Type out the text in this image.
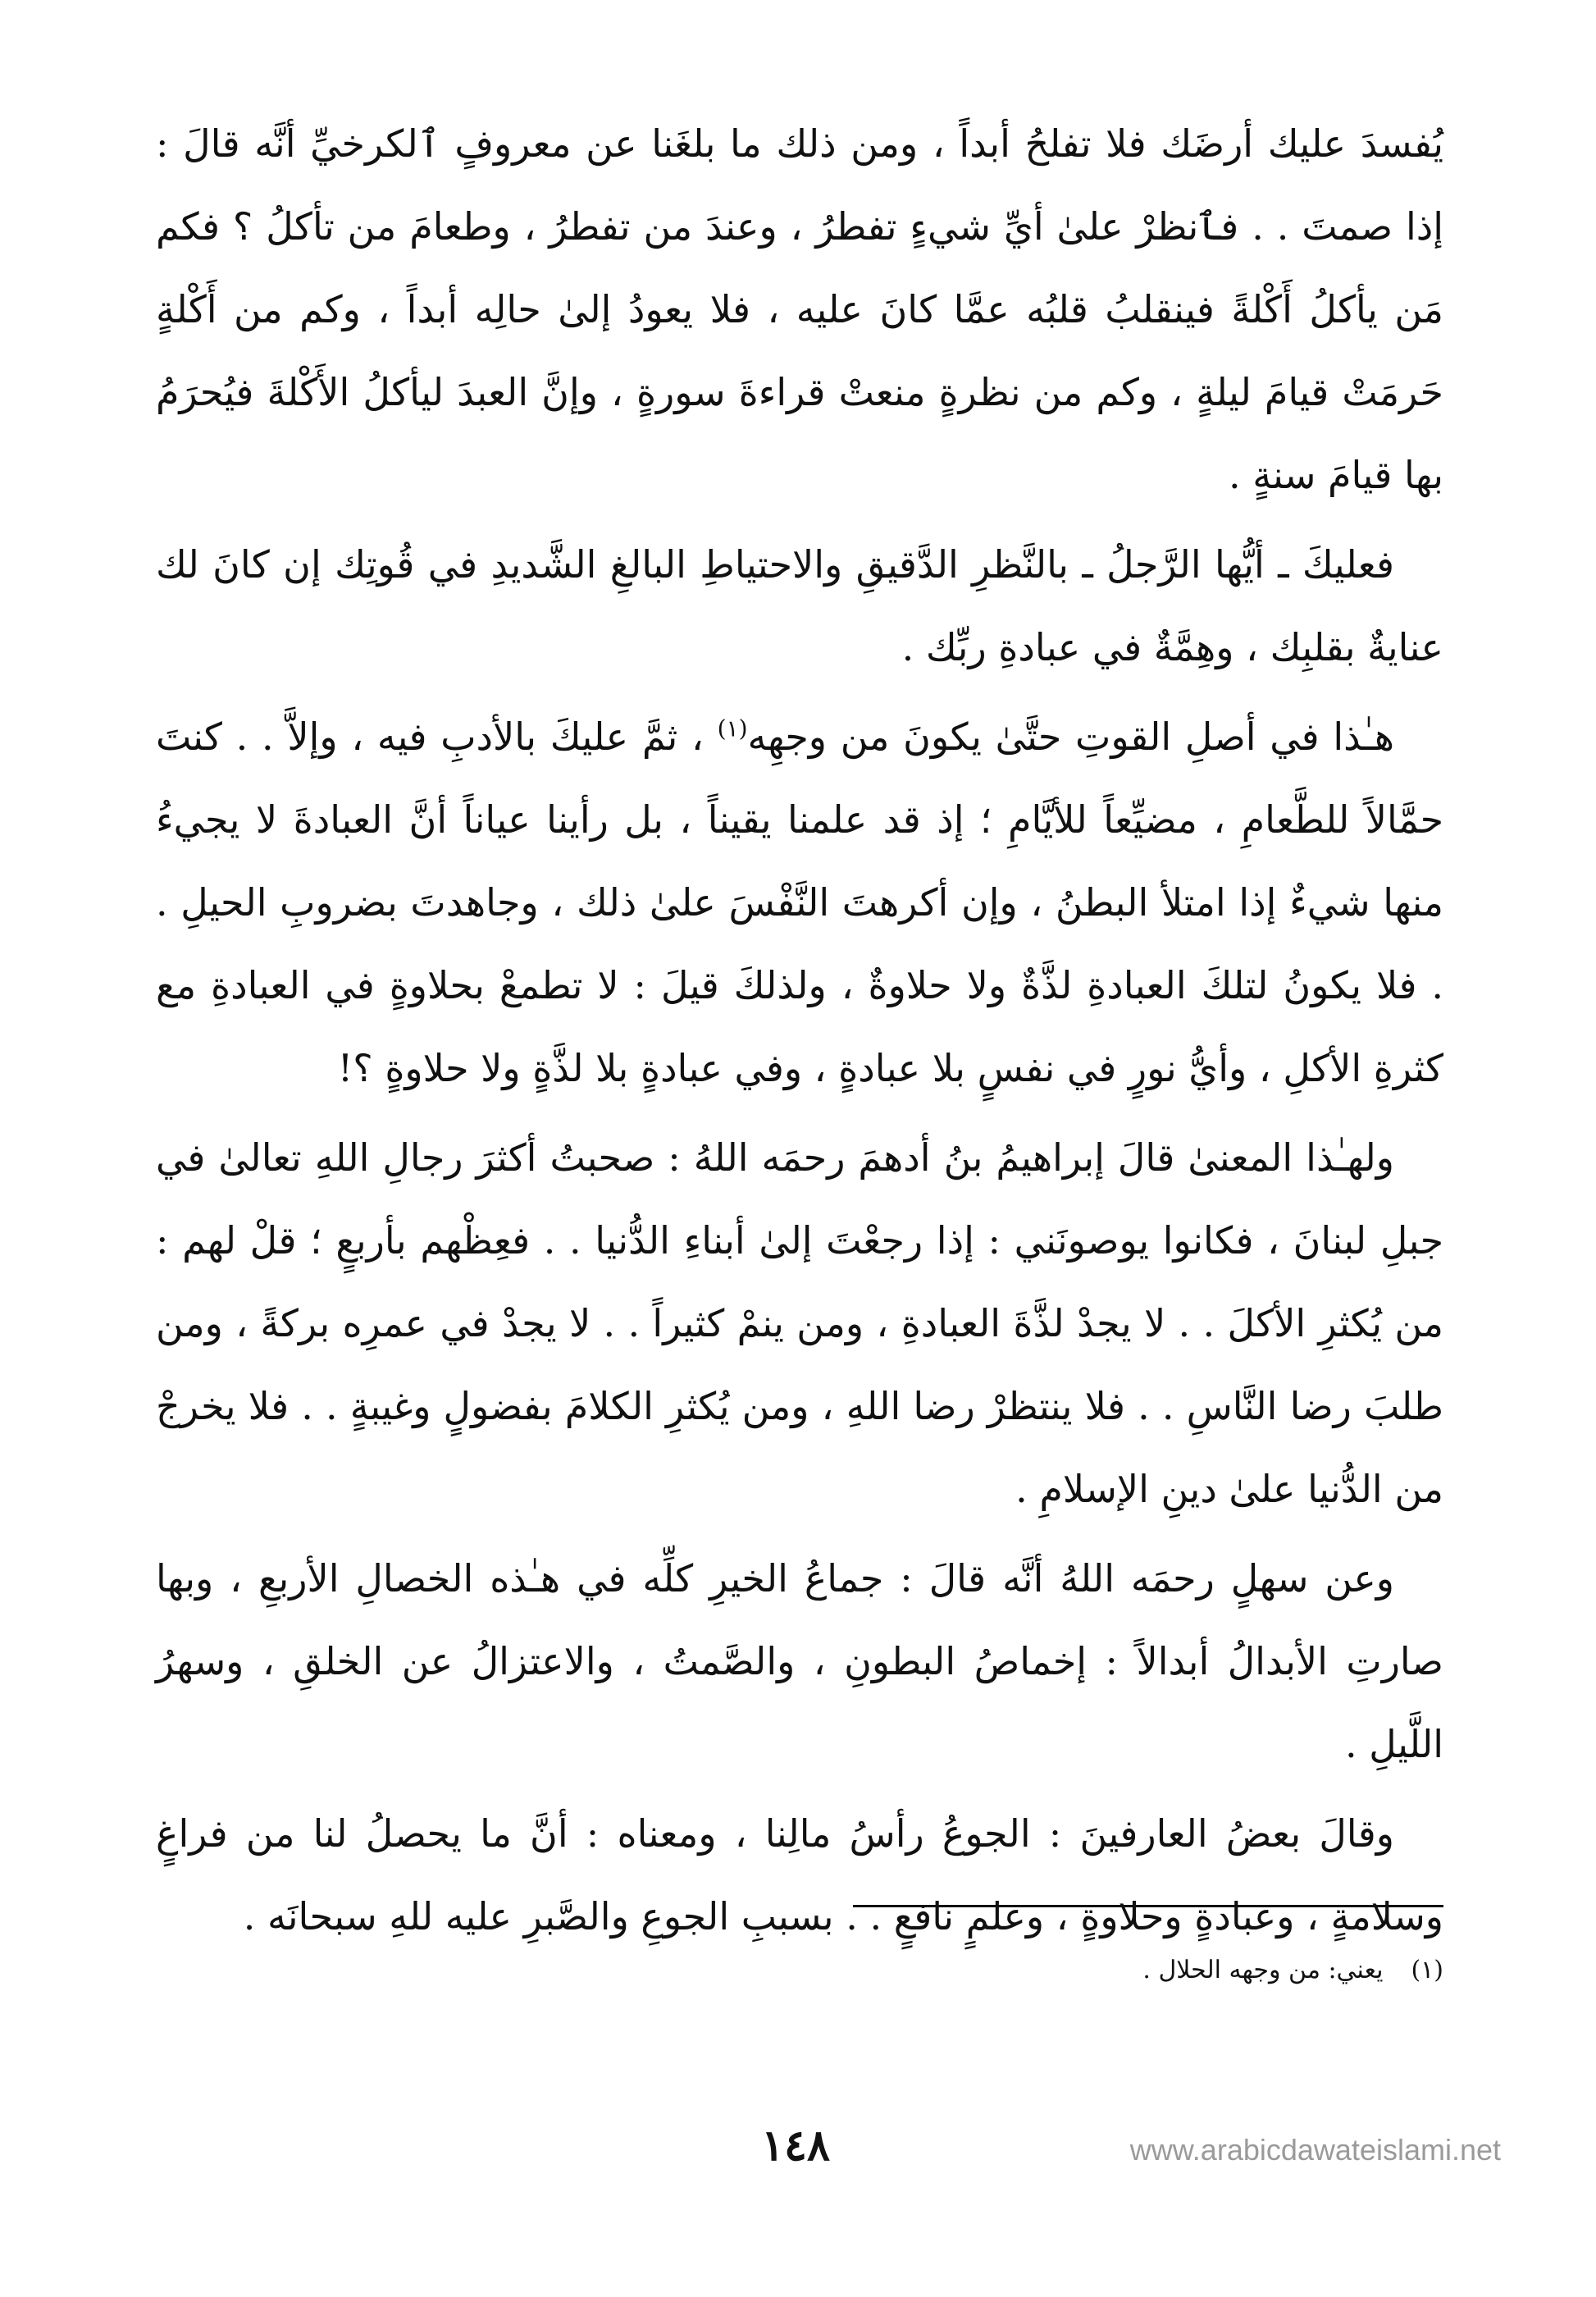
يُفسدَ عليك أرضَك فلا تفلحُ أبداً ، ومن ذلك ما بلغَنا عن معروفٍ ٱلكرخيِّ أنَّه قالَ : إذا صمتَ . . فٱنظرْ علىٰ أيِّ شيءٍ تفطرُ ، وعندَ من تفطرُ ، وطعامَ من تأكلُ ؟ فكم مَن يأكلُ أَكْلةً فينقلبُ قلبُه عمَّا كانَ عليه ، فلا يعودُ إلىٰ حالِه أبداً ، وكم من أَكْلةٍ حَرمَتْ قيامَ ليلةٍ ، وكم من نظرةٍ منعتْ قراءةَ سورةٍ ، وإنَّ العبدَ ليأكلُ الأَكْلةَ فيُحرَمُ بها قيامَ سنةٍ .

فعليكَ ـ أيُّها الرَّجلُ ـ بالنَّظرِ الدَّقيقِ والاحتياطِ البالغِ الشَّديدِ في قُوتِك إن كانَ لك عنايةٌ بقلبِك ، وهِمَّةٌ في عبادةِ ربِّك .

هـٰذا في أصلِ القوتِ حتَّىٰ يكونَ من وجهِه$^{(١)}$ ، ثمَّ عليكَ بالأدبِ فيه ، وإلاَّ . . كنتَ حمَّالاً للطَّعامِ ، مضيِّعاً للأيَّامِ ؛ إذ قد علمنا يقيناً ، بل رأينا عياناً أنَّ العبادةَ لا يجيءُ منها شيءٌ إذا امتلأ البطنُ ، وإن أكرهتَ النَّفْسَ علىٰ ذلك ، وجاهدتَ بضروبِ الحيلِ . . فلا يكونُ لتلكَ العبادةِ لذَّةٌ ولا حلاوةٌ ، ولذلكَ قيلَ : لا تطمعْ بحلاوةٍ في العبادةِ مع كثرةِ الأكلِ ، وأيُّ نورٍ في نفسٍ بلا عبادةٍ ، وفي عبادةٍ بلا لذَّةٍ ولا حلاوةٍ ؟!

ولهـٰذا المعنىٰ قالَ إبراهيمُ بنُ أدهمَ رحمَه اللهُ : صحبتُ أكثرَ رجالِ اللهِ تعالىٰ في جبلِ لبنانَ ، فكانوا يوصونَني : إذا رجعْتَ إلىٰ أبناءِ الدُّنيا . . فعِظْهم بأربعٍ ؛ قلْ لهم : من يُكثرِ الأكلَ . . لا يجدْ لذَّةَ العبادةِ ، ومن ينمْ كثيراً . . لا يجدْ في عمرِه بركةً ، ومن طلبَ رضا النَّاسِ . . فلا ينتظرْ رضا اللهِ ، ومن يُكثرِ الكلامَ بفضولٍ وغيبةٍ . . فلا يخرجْ من الدُّنيا علىٰ دينِ الإسلامِ .

وعن سهلٍ رحمَه اللهُ أنَّه قالَ : جماعُ الخيرِ كلِّه في هـٰذه الخصالِ الأربعِ ، وبها صارتِ الأبدالُ أبدالاً : إخماصُ البطونِ ، والصَّمتُ ، والاعتزالُ عن الخلقِ ، وسهرُ اللَّيلِ .

وقالَ بعضُ العارفينَ : الجوعُ رأسُ مالِنا ، ومعناه : أنَّ ما يحصلُ لنا من فراغٍ وسلامةٍ ، وعبادةٍ وحلاوةٍ ، وعلمٍ نافعٍ . . بسببِ الجوعِ والصَّبرِ عليه للهِ سبحانَه .

(١)يعني: من وجهه الحلال .
١٤٨	www.arabicdawateislami.net
